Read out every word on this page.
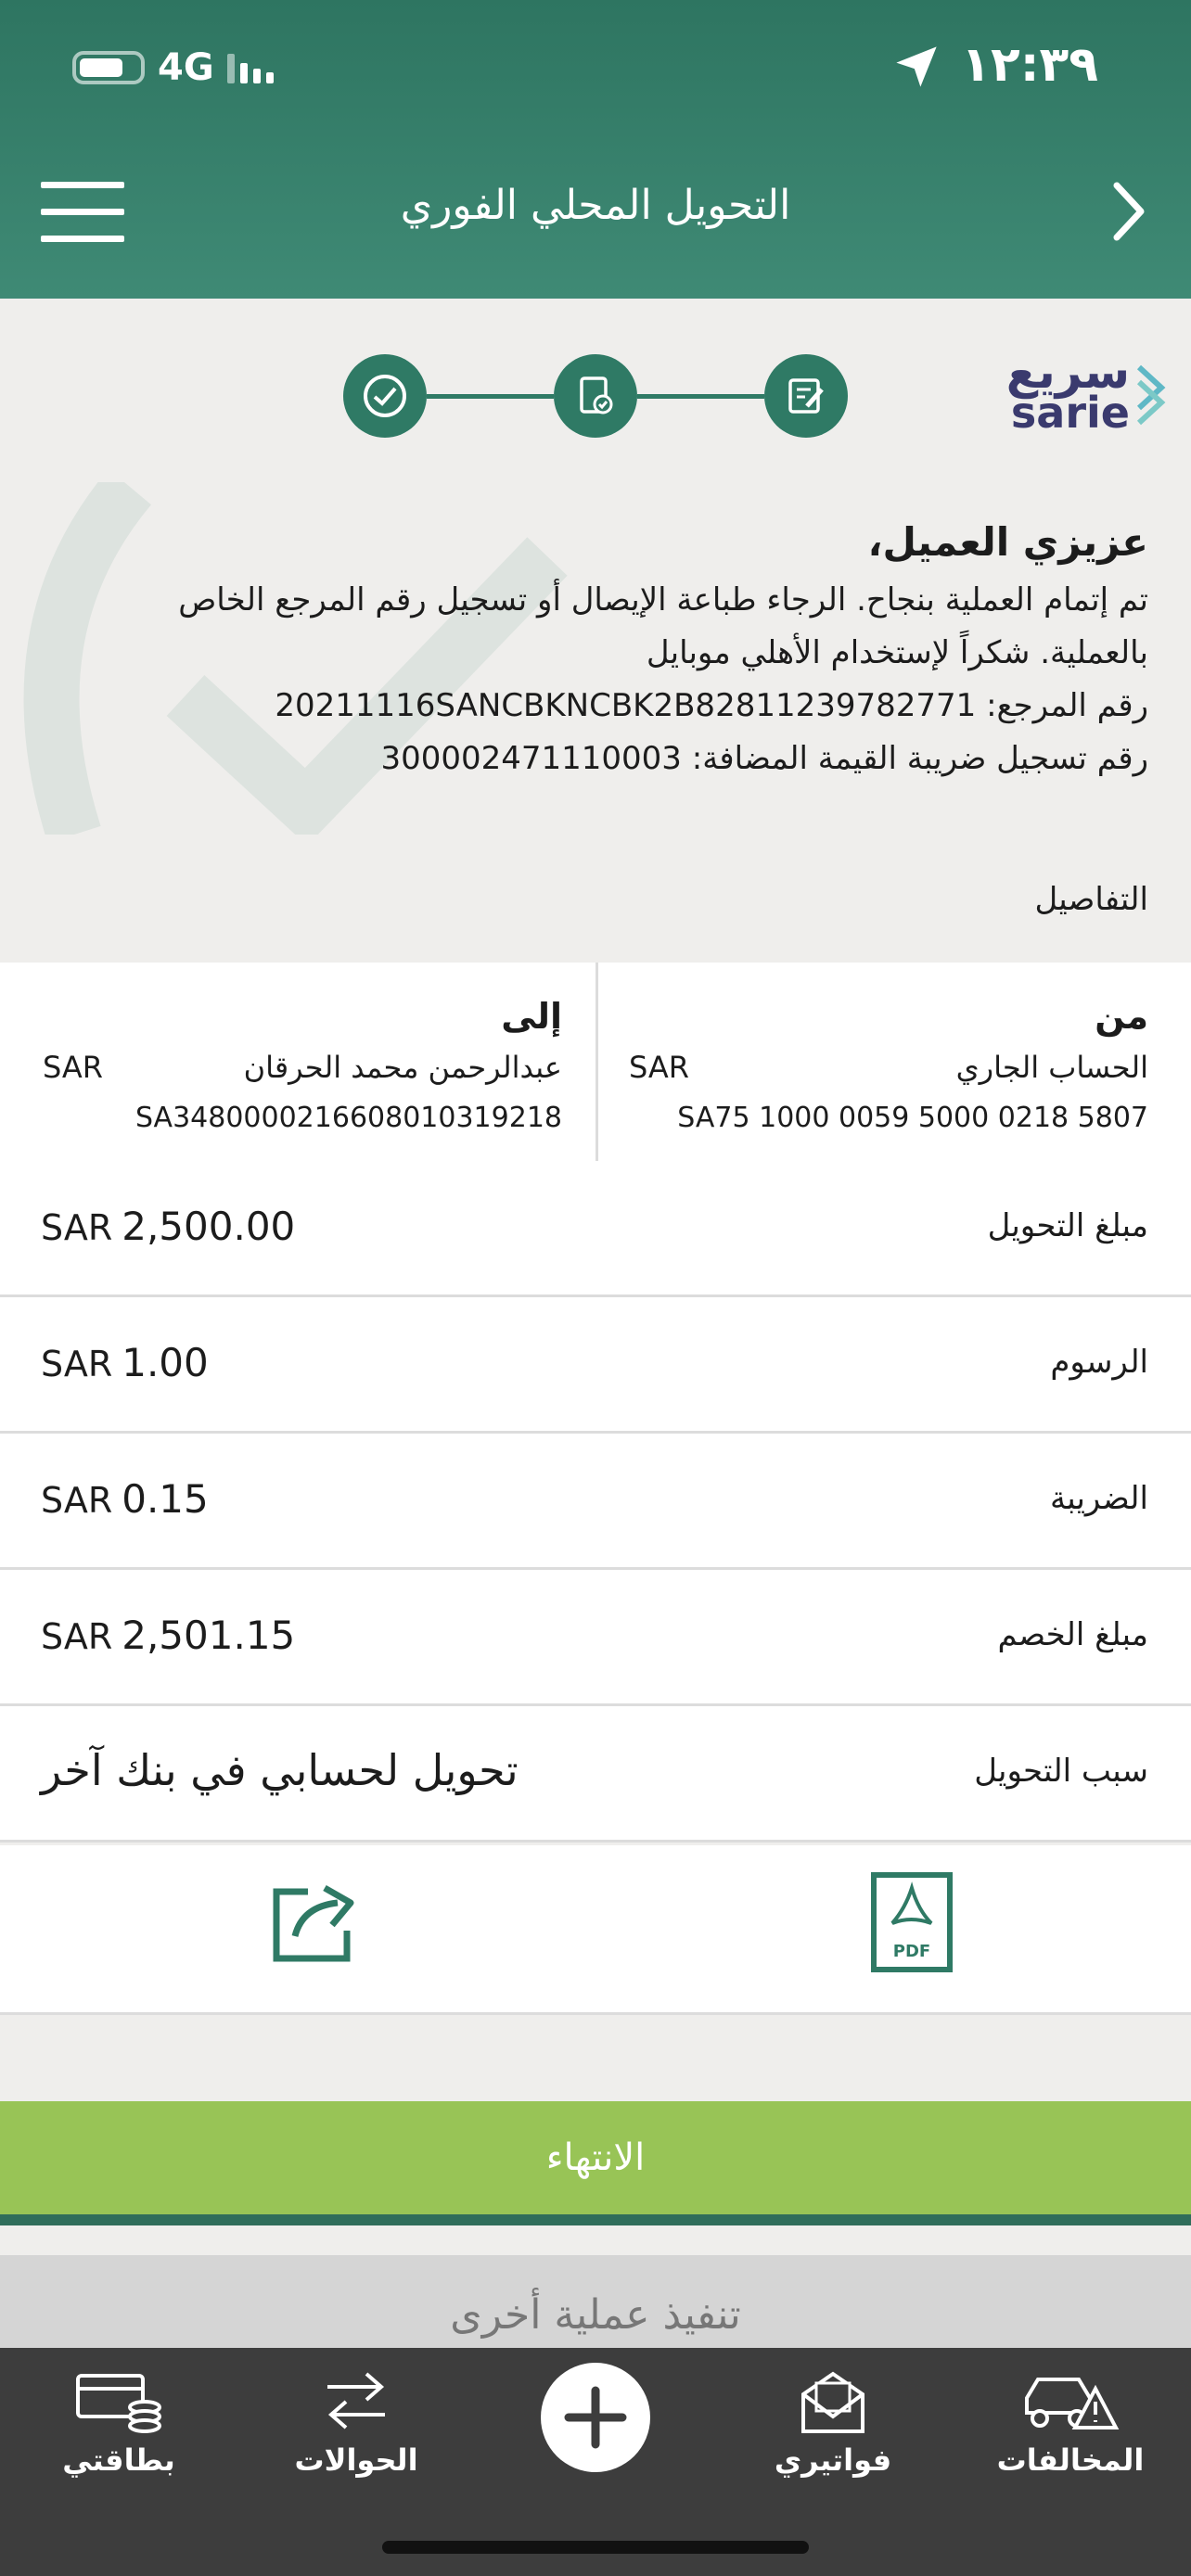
4G	١٢:٣٩
التحويل المحلي الفوري
سريع
sarie
عزيزي العميل،
تم إتمام العملية بنجاح. الرجاء طباعة الإيصال أو تسجيل رقم المرجع الخاص
بالعملية. شكراً لإستخدام الأهلي موبايل
رقم المرجع: 20211116SANCBKNCBK2B82811239782771
رقم تسجيل ضريبة القيمة المضافة: 300002471110003
التفاصيل
من
الحساب الجاري
SAR
SA75 1000 0059 5000 0218 5807
إلى
عبدالرحمن محمد الحرقان
SAR
SA3480000216608010319218
مبلغ التحويل
SAR 2,500.00
الرسوم
SAR 1.00
الضريبة
SAR 0.15
مبلغ الخصم
SAR 2,501.15
سبب التحويل
تحويل لحسابي في بنك آخر
PDF
الانتهاء
تنفيذ عملية أخرى
بطاقتي	الحوالات	فواتيري	المخالفات
